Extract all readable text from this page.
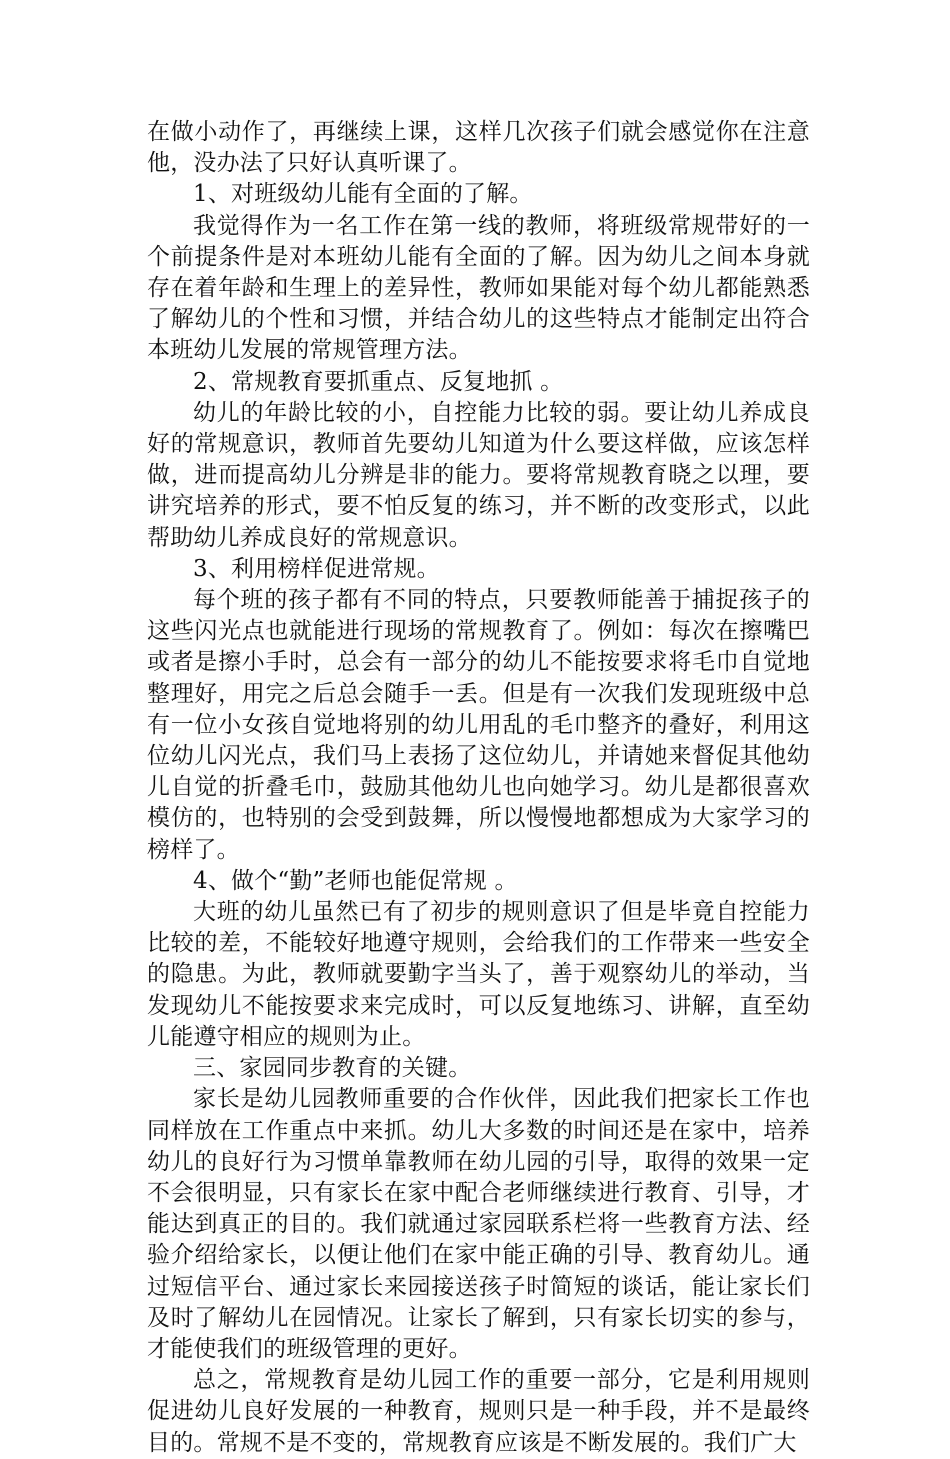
在做小动作了，再继续上课，这样几次孩子们就会感觉你在注意他，没办法了只好认真听课了。

1、对班级幼儿能有全面的了解。

我觉得作为一名工作在第一线的教师，将班级常规带好的一个前提条件是对本班幼儿能有全面的了解。因为幼儿之间本身就存在着年龄和生理上的差异性，教师如果能对每个幼儿都能熟悉了解幼儿的个性和习惯，并结合幼儿的这些特点才能制定出符合本班幼儿发展的常规管理方法。

2、常规教育要抓重点、反复地抓 。

幼儿的年龄比较的小，自控能力比较的弱。要让幼儿养成良好的常规意识，教师首先要幼儿知道为什么要这样做，应该怎样做，进而提高幼儿分辨是非的能力。要将常规教育晓之以理，要讲究培养的形式，要不怕反复的练习，并不断的改变形式，以此帮助幼儿养成良好的常规意识。

3、利用榜样促进常规。

每个班的孩子都有不同的特点，只要教师能善于捕捉孩子的这些闪光点也就能进行现场的常规教育了。例如：每次在擦嘴巴或者是擦小手时，总会有一部分的幼儿不能按要求将毛巾自觉地整理好，用完之后总会随手一丢。但是有一次我们发现班级中总有一位小女孩自觉地将别的幼儿用乱的毛巾整齐的叠好，利用这位幼儿闪光点，我们马上表扬了这位幼儿，并请她来督促其他幼儿自觉的折叠毛巾，鼓励其他幼儿也向她学习。幼儿是都很喜欢模仿的，也特别的会受到鼓舞，所以慢慢地都想成为大家学习的榜样了。

4、做个“勤”老师也能促常规 。

大班的幼儿虽然已有了初步的规则意识了但是毕竟自控能力比较的差，不能较好地遵守规则，会给我们的工作带来一些安全的隐患。为此，教师就要勤字当头了，善于观察幼儿的举动，当发现幼儿不能按要求来完成时，可以反复地练习、讲解，直至幼儿能遵守相应的规则为止。

三、家园同步教育的关键。

家长是幼儿园教师重要的合作伙伴，因此我们把家长工作也同样放在工作重点中来抓。幼儿大多数的时间还是在家中，培养幼儿的良好行为习惯单靠教师在幼儿园的引导，取得的效果一定不会很明显，只有家长在家中配合老师继续进行教育、引导，才能达到真正的目的。我们就通过家园联系栏将一些教育方法、经验介绍给家长，以便让他们在家中能正确的引导、教育幼儿。通过短信平台、通过家长来园接送孩子时简短的谈话，能让家长们及时了解幼儿在园情况。让家长了解到，只有家长切实的参与，才能使我们的班级管理的更好。

总之，常规教育是幼儿园工作的重要一部分，它是利用规则促进幼儿良好发展的一种教育，规则只是一种手段，并不是最终目的。常规不是不变的，常规教育应该是不断发展的。我们广大
